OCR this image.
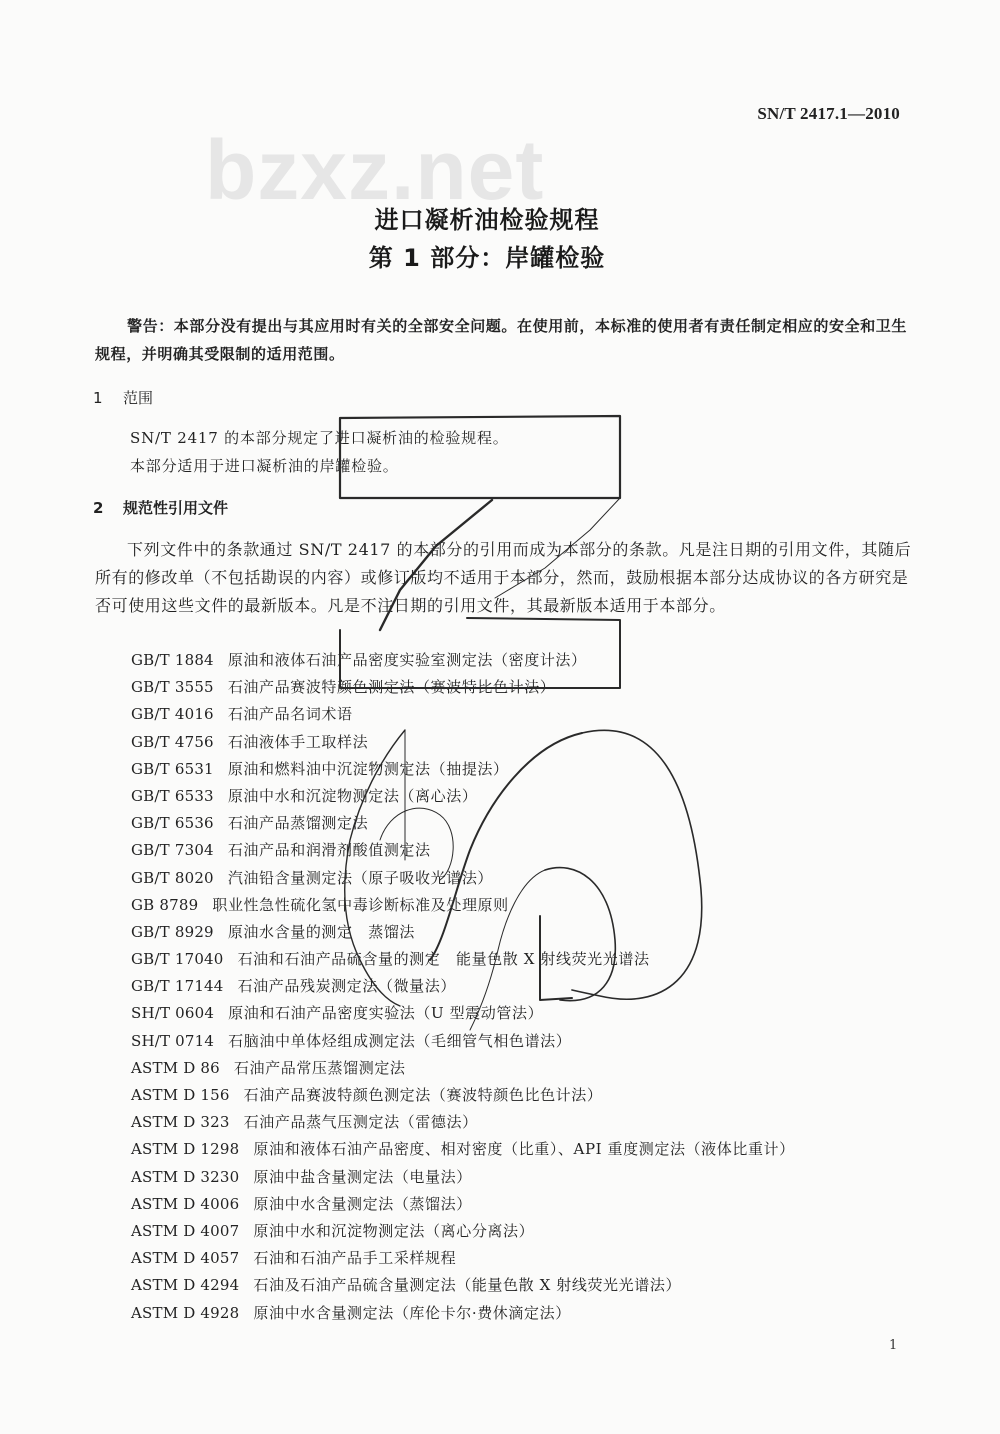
SN/T 2417.1—2010
bzxz.net
进口凝析油检验规程
第 1 部分：岸罐检验
警告：本部分没有提出与其应用时有关的全部安全问题。在使用前，本标准的使用者有责任制定相应的安全和卫生规程，并明确其受限制的适用范围。
1 范围
SN/T 2417 的本部分规定了进口凝析油的检验规程。
本部分适用于进口凝析油的岸罐检验。
2 规范性引用文件
下列文件中的条款通过 SN/T 2417 的本部分的引用而成为本部分的条款。凡是注日期的引用文件，其随后所有的修改单（不包括勘误的内容）或修订版均不适用于本部分，然而，鼓励根据本部分达成协议的各方研究是否可使用这些文件的最新版本。凡是不注日期的引用文件，其最新版本适用于本部分。
GB/T 1884 原油和液体石油产品密度实验室测定法（密度计法）
GB/T 3555 石油产品赛波特颜色测定法（赛波特比色计法）
GB/T 4016 石油产品名词术语
GB/T 4756 石油液体手工取样法
GB/T 6531 原油和燃料油中沉淀物测定法（抽提法）
GB/T 6533 原油中水和沉淀物测定法（离心法）
GB/T 6536 石油产品蒸馏测定法
GB/T 7304 石油产品和润滑剂酸值测定法
GB/T 8020 汽油铅含量测定法（原子吸收光谱法）
GB 8789 职业性急性硫化氢中毒诊断标准及处理原则
GB/T 8929 原油水含量的测定　蒸馏法
GB/T 17040 石油和石油产品硫含量的测定　能量色散 X 射线荧光光谱法
GB/T 17144 石油产品残炭测定法（微量法）
SH/T 0604 原油和石油产品密度实验法（U 型震动管法）
SH/T 0714 石脑油中单体烃组成测定法（毛细管气相色谱法）
ASTM D 86 石油产品常压蒸馏测定法
ASTM D 156 石油产品赛波特颜色测定法（赛波特颜色比色计法）
ASTM D 323 石油产品蒸气压测定法（雷德法）
ASTM D 1298 原油和液体石油产品密度、相对密度（比重）、API 重度测定法（液体比重计）
ASTM D 3230 原油中盐含量测定法（电量法）
ASTM D 4006 原油中水含量测定法（蒸馏法）
ASTM D 4007 原油中水和沉淀物测定法（离心分离法）
ASTM D 4057 石油和石油产品手工采样规程
ASTM D 4294 石油及石油产品硫含量测定法（能量色散 X 射线荧光光谱法）
ASTM D 4928 原油中水含量测定法（库伦卡尔·费休滴定法）
1
